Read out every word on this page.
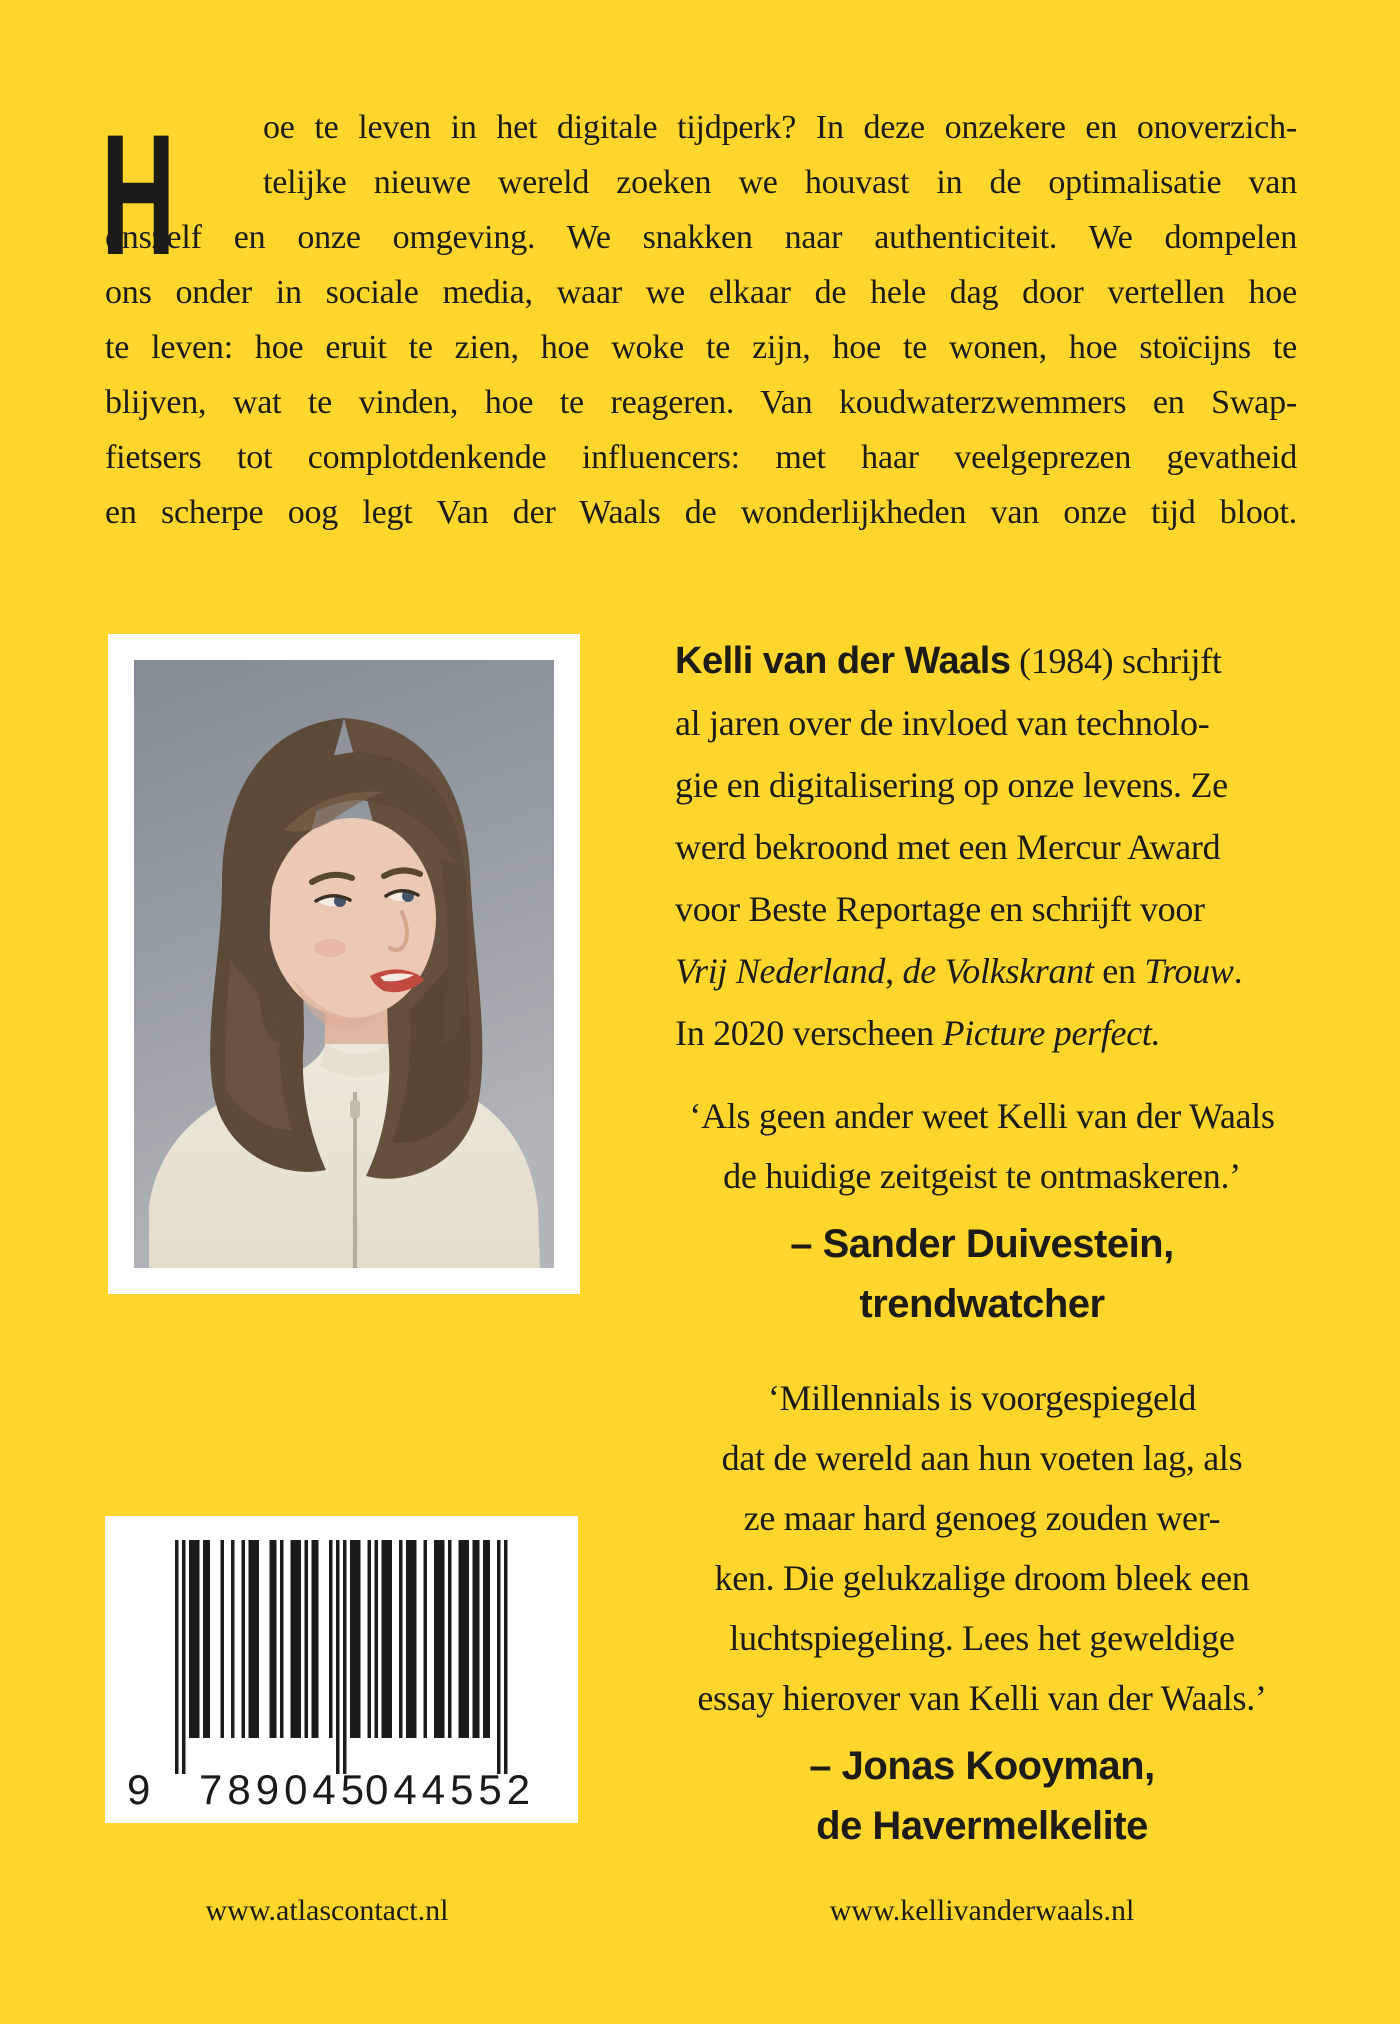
H	oe te leven in het digitale tijdperk? In deze onzekere en onoverzich-
telijke nieuwe wereld zoeken we houvast in de optimalisatie van
onszelf en onze omgeving. We snakken naar authenticiteit. We dompelen
ons onder in sociale media, waar we elkaar de hele dag door vertellen hoe
te leven: hoe eruit te zien, hoe woke te zijn, hoe te wonen, hoe stoïcijns te
blijven, wat te vinden, hoe te reageren. Van koudwaterzwemmers en Swap-
fietsers tot complotdenkende influencers: met haar veelgeprezen gevatheid
en scherpe oog legt Van der Waals de wonderlijkheden van onze tijd bloot.
Kelli van der Waals (1984) schrijft
al jaren over de invloed van technolo-
gie en digitalisering op onze levens. Ze
werd bekroond met een Mercur Award
voor Beste Reportage en schrijft voor
Vrij Nederland, de Volkskrant en Trouw.
In 2020 verscheen Picture perfect.
‘Als geen ander weet Kelli van der Waals
de huidige zeitgeist te ontmaskeren.’
– Sander Duivestein,
trendwatcher
‘Millennials is voorgespiegeld
dat de wereld aan hun voeten lag, als
ze maar hard genoeg zouden wer-
ken. Die gelukzalige droom bleek een
luchtspiegeling. Lees het geweldige
essay hierover van Kelli van der Waals.’
– Jonas Kooyman,
de Havermelkelite
9 789045
044552
www.atlascontact.nl	www.kellivanderwaals.nl
